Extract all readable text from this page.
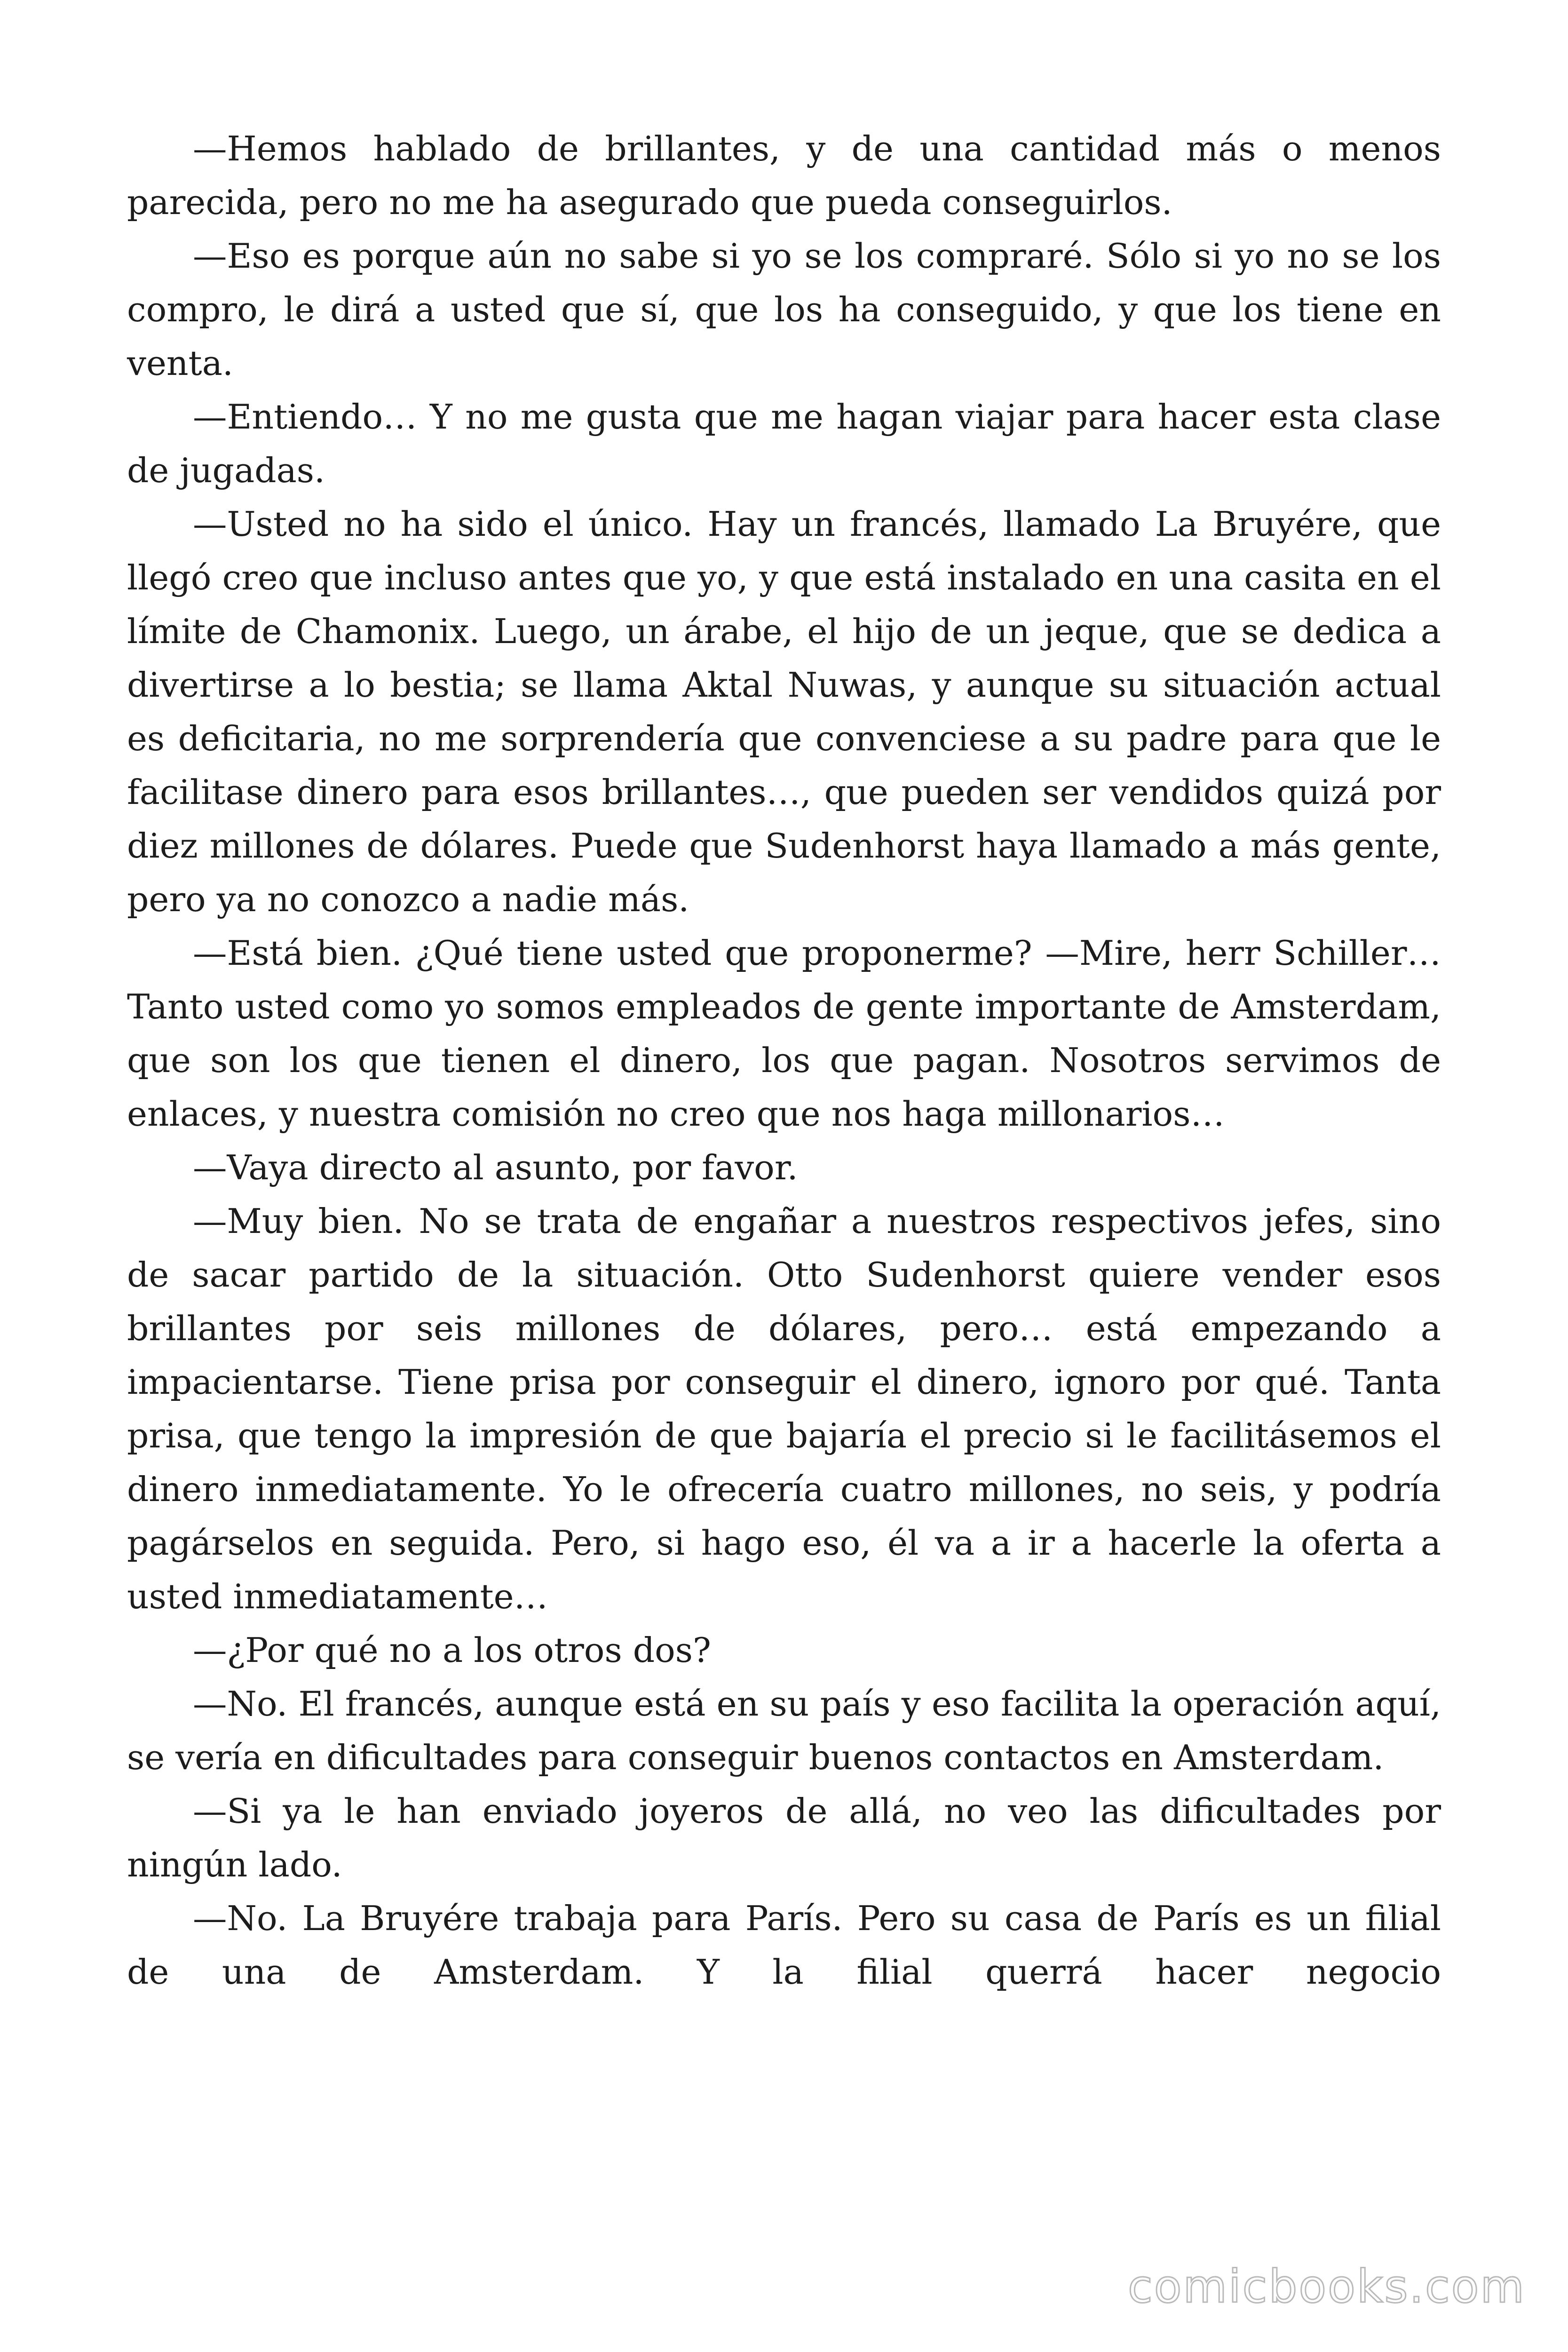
—Hemos hablado de brillantes, y de una cantidad más o menos parecida, pero no me ha asegurado que pueda conseguirlos.

—Eso es porque aún no sabe si yo se los compraré. Sólo si yo no se los compro, le dirá a usted que sí, que los ha conseguido, y que los tiene en venta.

—Entiendo… Y no me gusta que me hagan viajar para hacer esta clase de jugadas.

—Usted no ha sido el único. Hay un francés, llamado La Bruyére, que llegó creo que incluso antes que yo, y que está instalado en una casita en el límite de Chamonix. Luego, un árabe, el hijo de un jeque, que se dedica a divertirse a lo bestia; se llama Aktal Nuwas, y aunque su situación actual es deficitaria, no me sorprendería que convenciese a su padre para que le facilitase dinero para esos brillantes…, que pueden ser vendidos quizá por diez millones de dólares. Puede que Sudenhorst haya llamado a más gente, pero ya no conozco a nadie más.

—Está bien. ¿Qué tiene usted que proponerme? —Mire, herr Schiller… Tanto usted como yo somos empleados de gente importante de Amsterdam, que son los que tienen el dinero, los que pagan. Nosotros servimos de enlaces, y nuestra comisión no creo que nos haga millonarios…

—Vaya directo al asunto, por favor.

—Muy bien. No se trata de engañar a nuestros respectivos jefes, sino de sacar partido de la situación. Otto Sudenhorst quiere vender esos brillantes por seis millones de dólares, pero… está empezando a impacientarse. Tiene prisa por conseguir el dinero, ignoro por qué. Tanta prisa, que tengo la impresión de que bajaría el precio si le facilitásemos el dinero inmediatamente. Yo le ofrecería cuatro millones, no seis, y podría pagárselos en seguida. Pero, si hago eso, él va a ir a hacerle la oferta a usted inmediatamente…

—¿Por qué no a los otros dos?

—No. El francés, aunque está en su país y eso facilita la operación aquí, se vería en dificultades para conseguir buenos contactos en Amsterdam.

—Si ya le han enviado joyeros de allá, no veo las dificultades por ningún lado.

—No. La Bruyére trabaja para París. Pero su casa de París es un filial de una de Amsterdam. Y la filial querrá hacer negocio

comicbooks.com
